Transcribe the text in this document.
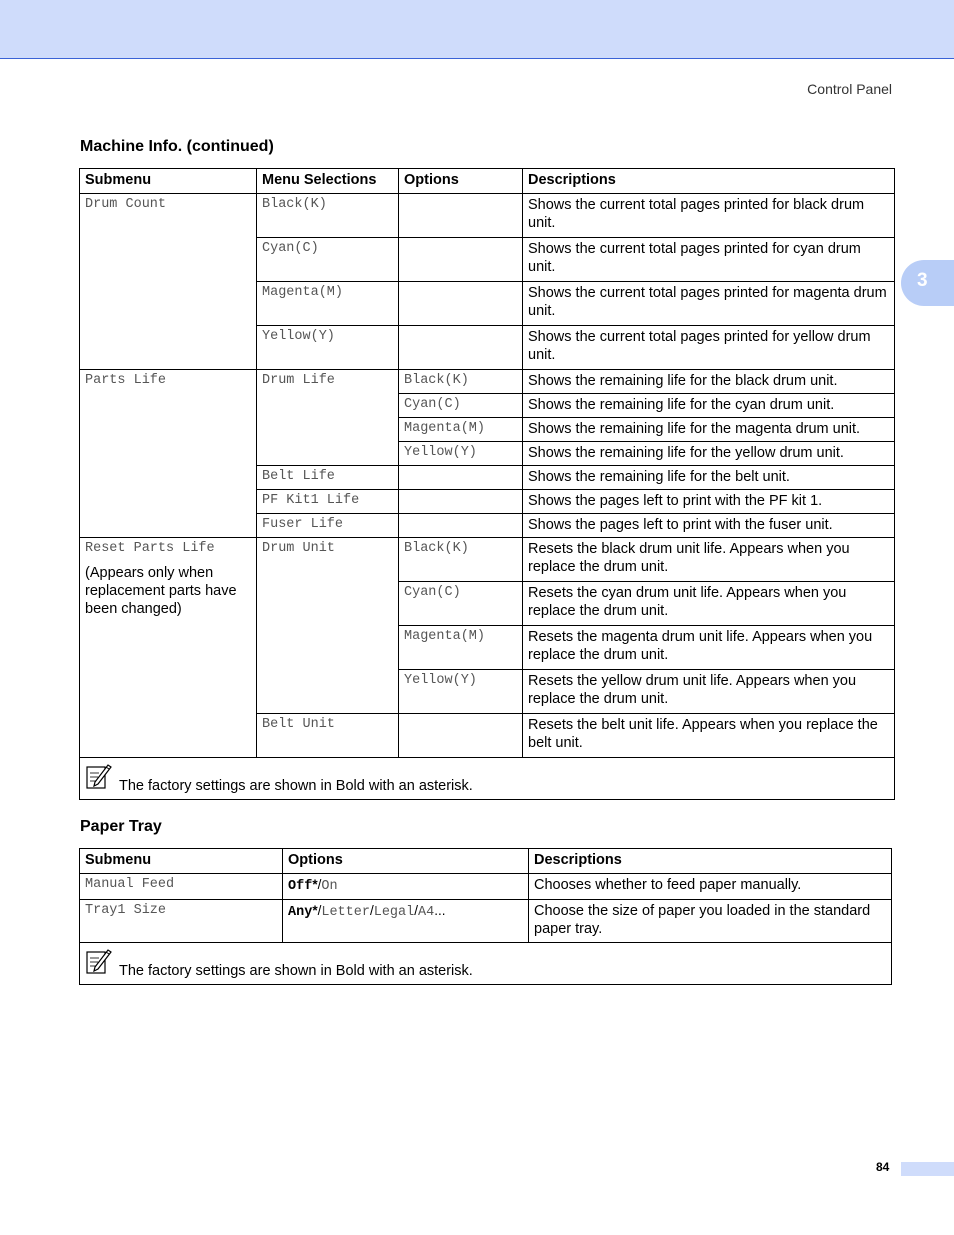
Control Panel
3
Machine Info. (continued)
Submenu	Menu Selections	Options	Descriptions
Drum Count	Black(K)		Shows the current total pages printed for black drum unit.
	Cyan(C)		Shows the current total pages printed for cyan drum unit.
	Magenta(M)		Shows the current total pages printed for magenta drum unit.
	Yellow(Y)		Shows the current total pages printed for yellow drum unit.
Parts Life	Drum Life	Black(K)	Shows the remaining life for the black drum unit.
		Cyan(C)	Shows the remaining life for the cyan drum unit.
		Magenta(M)	Shows the remaining life for the magenta drum unit.
		Yellow(Y)	Shows the remaining life for the yellow drum unit.
	Belt Life		Shows the remaining life for the belt unit.
	PF Kit1 Life		Shows the pages left to print with the PF kit 1.
	Fuser Life		Shows the pages left to print with the fuser unit.

Reset Parts Life
(Appears only when replacement parts have been changed)	Drum Unit	Black(K)	Resets the black drum unit life. Appears when you replace the drum unit.
		Cyan(C)	Resets the cyan drum unit life. Appears when you replace the drum unit.
		Magenta(M)	Resets the magenta drum unit life. Appears when you replace the drum unit.
		Yellow(Y)	Resets the yellow drum unit life. Appears when you replace the drum unit.
	Belt Unit		Resets the belt unit life. Appears when you replace the belt unit.

The factory settings are shown in Bold with an asterisk.			
Paper Tray
Submenu	Options	Descriptions
Manual Feed	Off*/On	Chooses whether to feed paper manually.
Tray1 Size	Any*/Letter/Legal/A4...	Choose the size of paper you loaded in the standard paper tray.

The factory settings are shown in Bold with an asterisk.		
84
